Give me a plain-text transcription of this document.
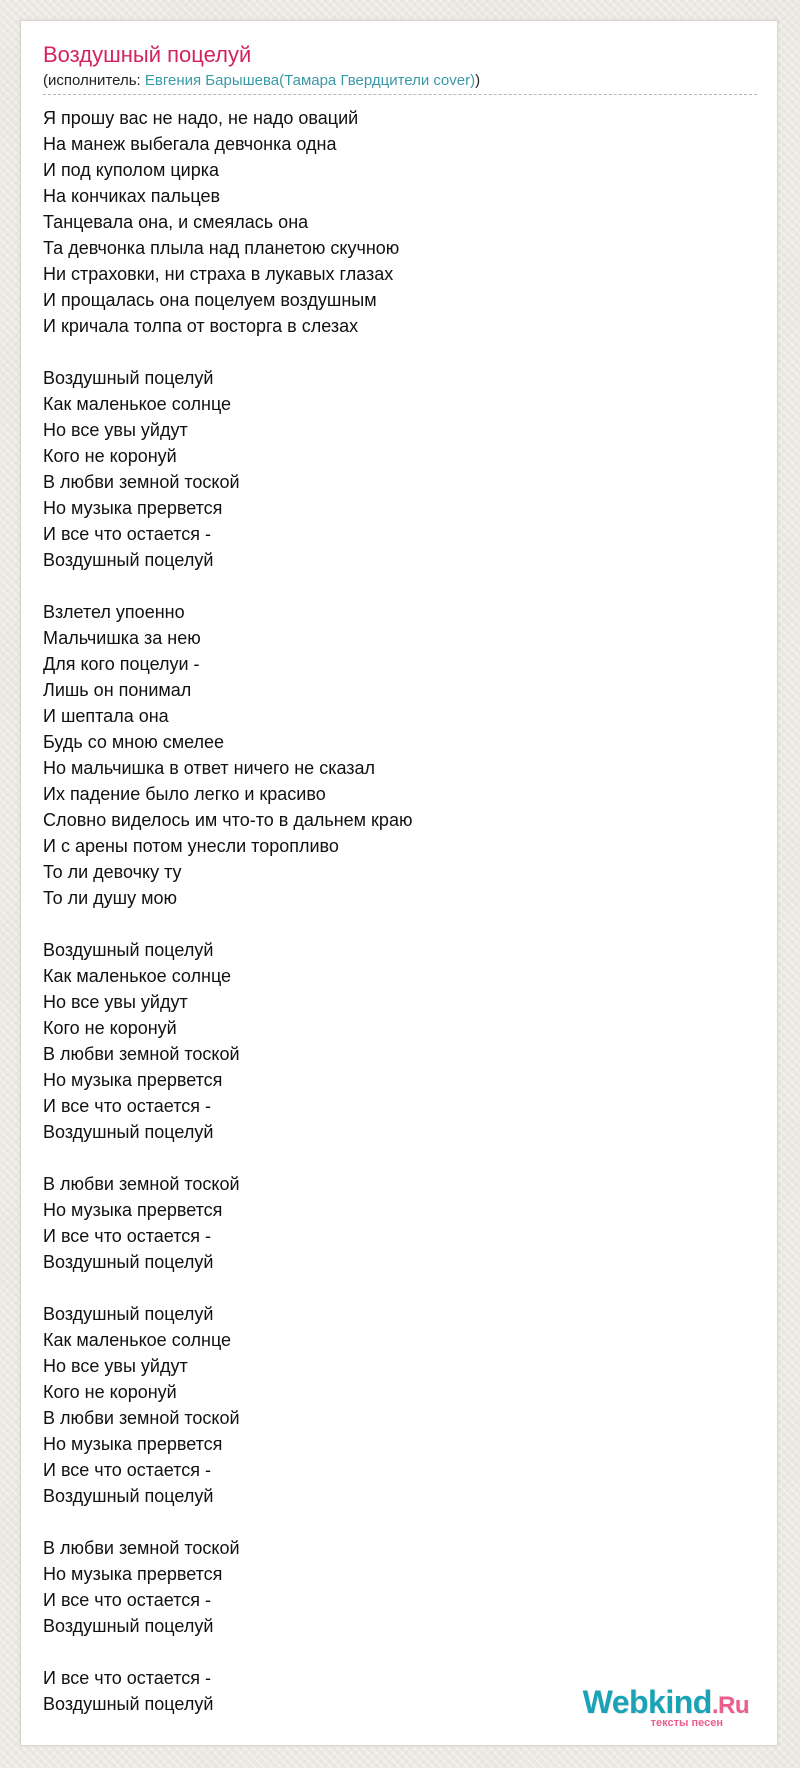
Воздушный поцелуй
(исполнитель: Евгения Барышева(Тамара Гвердцители cover))
Я прошу вас не надо, не надо оваций
На манеж выбегала девчонка одна
И под куполом цирка
На кончиках пальцев
Танцевала она, и смеялась она
Та девчонка плыла над планетою скучною
Ни страховки, ни страха в лукавых глазах
И прощалась она поцелуем воздушным
И кричала толпа от восторга в слезах
Воздушный поцелуй
Как маленькое солнце
Но все увы уйдут
Кого не коронуй
В любви земной тоской
Но музыка прервется
И все что остается -
Воздушный поцелуй
Взлетел упоенно
Мальчишка за нею
Для кого поцелуи -
Лишь он понимал
И шептала она
Будь со мною смелее
Но мальчишка в ответ ничего не сказал
Их падение было легко и красиво
Словно виделось им что-то в дальнем краю
И с арены потом унесли торопливо
То ли девочку ту
То ли душу мою
Воздушный поцелуй
Как маленькое солнце
Но все увы уйдут
Кого не коронуй
В любви земной тоской
Но музыка прервется
И все что остается -
Воздушный поцелуй
В любви земной тоской
Но музыка прервется
И все что остается -
Воздушный поцелуй
Воздушный поцелуй
Как маленькое солнце
Но все увы уйдут
Кого не коронуй
В любви земной тоской
Но музыка прервется
И все что остается -
Воздушный поцелуй
В любви земной тоской
Но музыка прервется
И все что остается -
Воздушный поцелуй
И все что остается -
Воздушный поцелуй	Webkind.Ru
тексты песен
